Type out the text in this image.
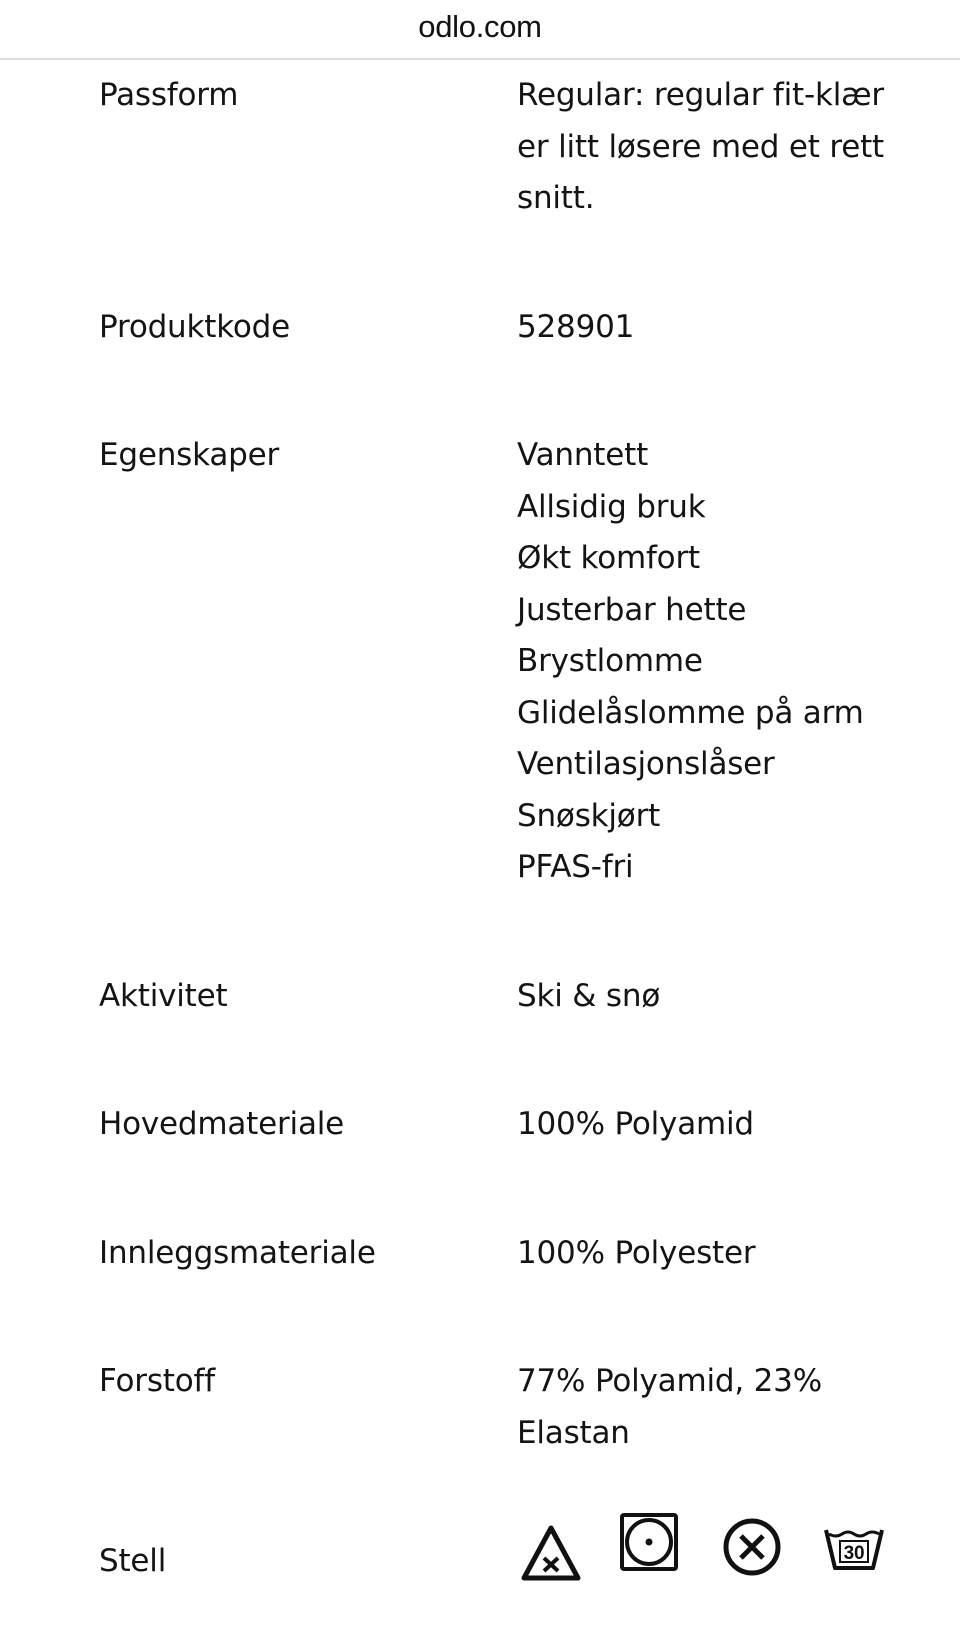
odlo.com
Passform	Regular: regular fit-klær er litt løsere med et rett snitt.
Produktkode	528901
Egenskaper	Vanntett
Allsidig bruk
Økt komfort
Justerbar hette
Brystlomme
Glidelåslomme på arm
Ventilasjonslåser
Snøskjørt
PFAS-fri
Aktivitet	Ski & snø
Hovedmateriale	100% Polyamid
Innleggsmateriale	100% Polyester
Forstoff	77% Polyamid, 23% Elastan
Stell	30
